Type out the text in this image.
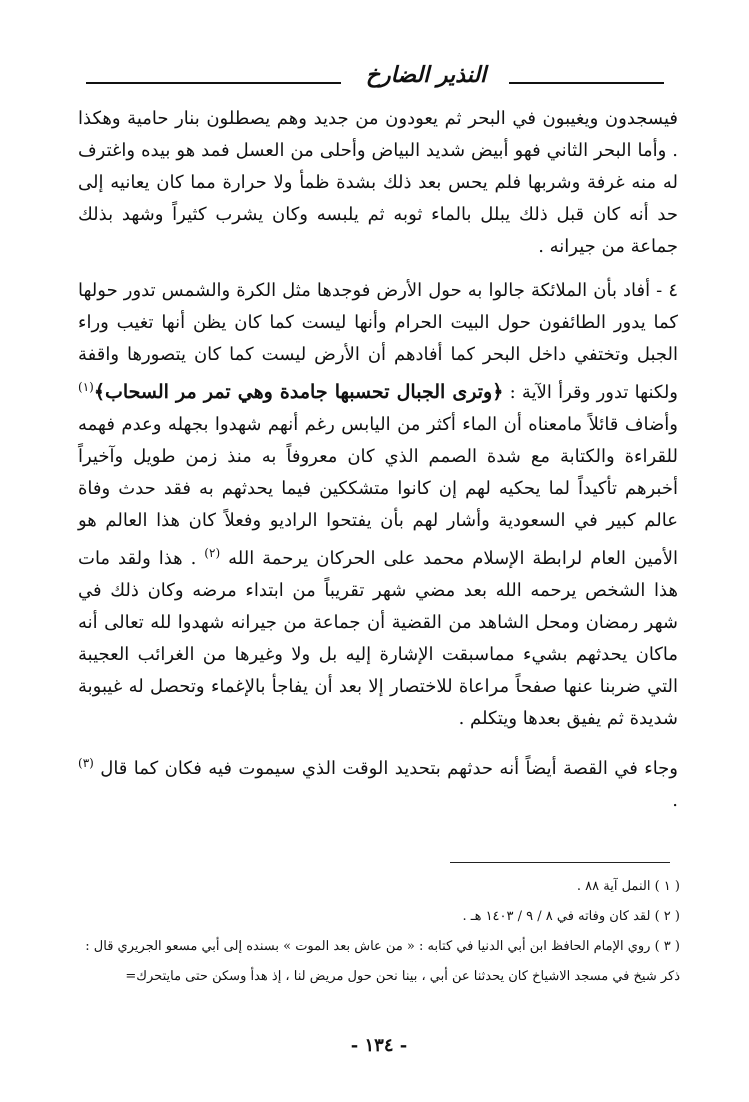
النذير الضارخ

فيسجدون ويغيبون في البحر ثم يعودون من جديد وهم يصطلون بنار حامية وهكذا . وأما البحر الثاني فهو أبيض شديد البياض وأحلى من العسل فمد هو بيده واغترف له منه غرفة وشربها فلم يحس بعد ذلك بشدة ظمأ ولا حرارة مما كان يعانيه إلى حد أنه كان قبل ذلك يبلل بالماء ثوبه ثم يلبسه وكان يشرب كثيراً وشهد بذلك جماعة من جيرانه .

٤ - أفاد بأن الملائكة جالوا به حول الأرض فوجدها مثل الكرة والشمس تدور حولها كما يدور الطائفون حول البيت الحرام وأنها ليست كما كان يظن أنها تغيب وراء الجبل وتختفي داخل البحر كما أفادهم أن الأرض ليست كما كان يتصورها واقفة ولكنها تدور وقرأ الآية : ﴿وترى الجبال تحسبها جامدة وهي تمر مر السحاب﴾$^{(١)}$ وأضاف قائلاً مامعناه أن الماء أكثر من اليابس رغم أنهم شهدوا بجهله وعدم فهمه للقراءة والكتابة مع شدة الصمم الذي كان معروفاً به منذ زمن طويل وآخيراً أخبرهم تأكيداً لما يحكيه لهم إن كانوا متشككين فيما يحدثهم به فقد حدث وفاة عالم كبير في السعودية وأشار لهم بأن يفتحوا الراديو وفعلاً كان هذا العالم هو الأمين العام لرابطة الإسلام محمد على الحركان يرحمة الله $^{(٢)}$ . هذا ولقد مات هذا الشخص يرحمه الله بعد مضي شهر تقريباً من ابتداء مرضه وكان ذلك في شهر رمضان ومحل الشاهد من القضية أن جماعة من جيرانه شهدوا لله تعالى أنه ماكان يحدثهم بشيء مماسبقت الإشارة إليه بل ولا وغيرها من الغرائب العجيبة التي ضربنا عنها صفحاً مراعاة للاختصار إلا بعد أن يفاجأ بالإغماء وتحصل له غيبوبة شديدة ثم يفيق بعدها ويتكلم .

وجاء في القصة أيضاً أنه حدثهم بتحديد الوقت الذي سيموت فيه فكان كما قال $^{(٣)}$ .

( ١ ) النمل آية ٨٨ .

( ٢ ) لقد كان وفاته في ٨ / ٩ / ١٤٠٣ هـ .

( ٣ ) روي الإمام الحافظ ابن أبي الدنيا في كتابه : « من عاش بعد الموت » بسنده إلى أبي مسعو الجريري قال :

ذكر شيخ في مسجد الاشياخ كان يحدثنا عن أبي ، بينا نحن حول مريض لنا ، إذ هدأ وسكن حتى مايتحرك=

- ١٣٤ -
